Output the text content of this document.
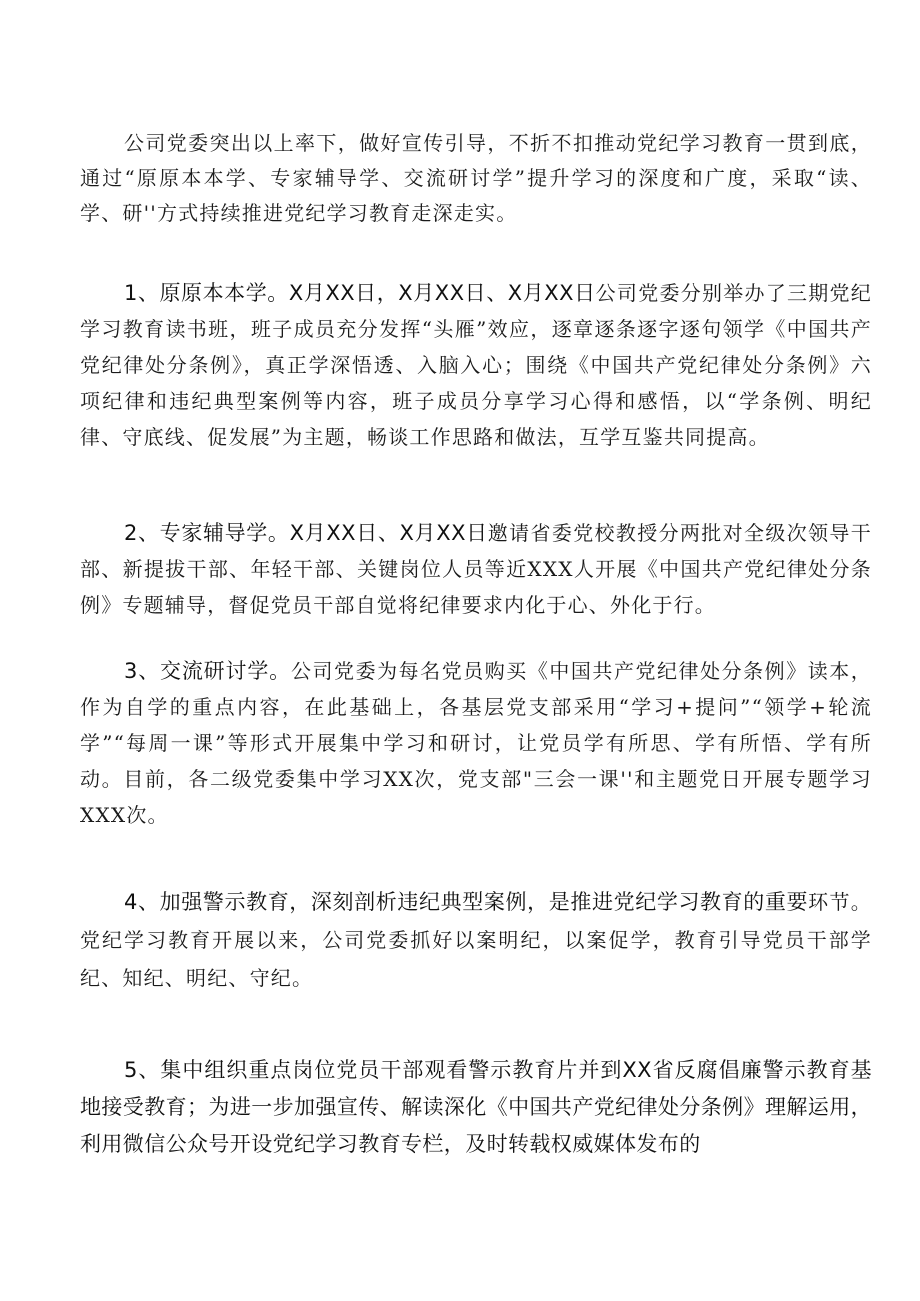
公司党委突出以上率下，做好宣传引导，不折不扣推动党纪学习教育一贯到底，通过“原原本本学、专家辅导学、交流研讨学”提升学习的深度和广度，采取“读、学、研''方式持续推进党纪学习教育走深走实。

1、原原本本学。X月XX日，X月XX日、X月XX日公司党委分别举办了三期党纪学习教育读书班，班子成员充分发挥“头雁”效应，逐章逐条逐字逐句领学《中国共产党纪律处分条例》，真正学深悟透、入脑入心；围绕《中国共产党纪律处分条例》六项纪律和违纪典型案例等内容，班子成员分享学习心得和感悟，以“学条例、明纪律、守底线、促发展”为主题，畅谈工作思路和做法，互学互鉴共同提高。

2、专家辅导学。X月XX日、X月XX日邀请省委党校教授分两批对全级次领导干部、新提拔干部、年轻干部、关键岗位人员等近XXX人开展《中国共产党纪律处分条例》专题辅导，督促党员干部自觉将纪律要求内化于心、外化于行。

3、交流研讨学。公司党委为每名党员购买《中国共产党纪律处分条例》读本，作为自学的重点内容，在此基础上，各基层党支部采用“学习+提问”“领学+轮流学”“每周一课”等形式开展集中学习和研讨，让党员学有所思、学有所悟、学有所动。目前，各二级党委集中学习XX次，党支部"三会一课''和主题党日开展专题学习XXX次。

4、加强警示教育，深刻剖析违纪典型案例，是推进党纪学习教育的重要环节。党纪学习教育开展以来，公司党委抓好以案明纪，以案促学，教育引导党员干部学纪、知纪、明纪、守纪。

5、集中组织重点岗位党员干部观看警示教育片并到XX省反腐倡廉警示教育基地接受教育；为进一步加强宣传、解读深化《中国共产党纪律处分条例》理解运用，利用微信公众号开设党纪学习教育专栏，及时转载权威媒体发布的
